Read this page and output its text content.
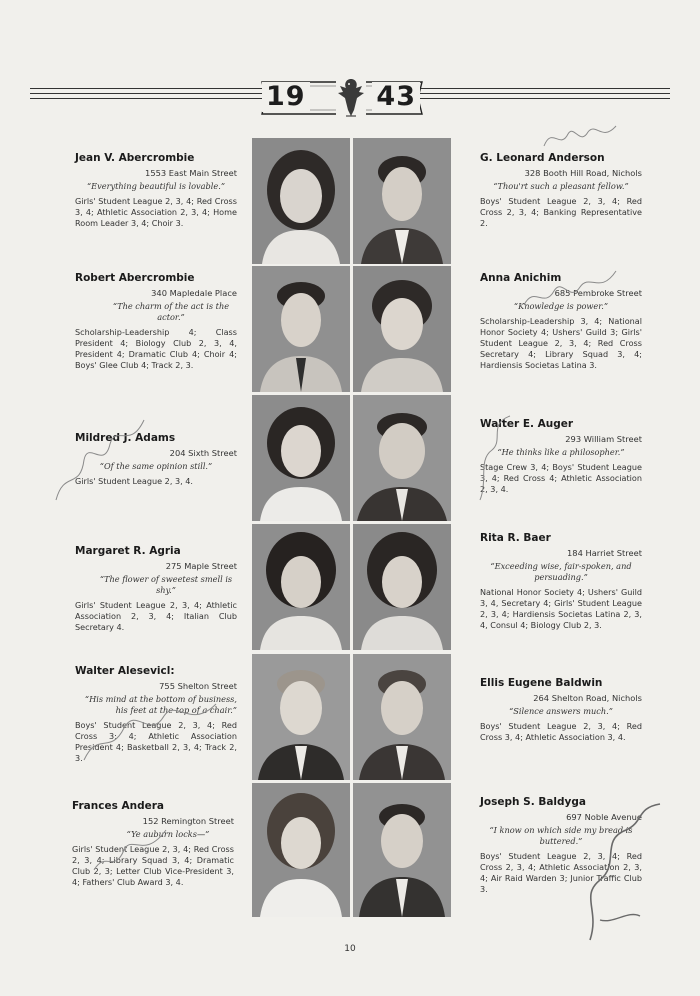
19	43
Jean V. Abercrombie
1553 East Main Street
“Everything beautiful is lovable.”
Girls' Student League 2, 3, 4; Red Cross 3, 4; Athletic Association 2, 3, 4; Home Room Leader 3, 4; Choir 3.
Robert Abercrombie
340 Mapledale Place
“The charm of the act is the actor.”
Scholarship-Leadership 4; Class President 4; Biology Club 2, 3, 4, President 4; Dramatic Club 4; Choir 4; Boys' Glee Club 4; Track 2, 3.
Mildred J. Adams
204 Sixth Street
“Of the same opinion still.”
Girls' Student League 2, 3, 4.
Margaret R. Agria
275 Maple Street
“The flower of sweetest smell is shy.”
Girls' Student League 2, 3, 4; Athletic Association 2, 3, 4; Italian Club Secretary 4.
Walter Alesevicl:
755 Shelton Street
“His mind at the bottom of business, his feet at the top of a chair.”
Boys' Student League 2, 3, 4; Red Cross 3; 4; Athletic Association President 4; Basketball 2, 3, 4; Track 2, 3.
Frances Andera
152 Remington Street
“Ye auburn locks—”
Girls' Student League 2, 3, 4; Red Cross 2, 3, 4; Library Squad 3, 4; Dramatic Club 2, 3; Letter Club Vice-President 3, 4; Fathers' Club Award 3, 4.
G. Leonard Anderson
328 Booth Hill Road, Nichols
“Thou'rt such a pleasant fellow.”
Boys' Student League 2, 3, 4; Red Cross 2, 3, 4; Banking Representative 2.
Anna Anichim
685 Pembroke Street
“Knowledge is power.”
Scholarship-Leadership 3, 4; National Honor Society 4; Ushers' Guild 3; Girls' Student League 2, 3, 4; Red Cross Secretary 4; Library Squad 3, 4; Hardiensis Societas Latina 3.
Walter E. Auger
293 William Street
“He thinks like a philosopher.”
Stage Crew 3, 4; Boys' Student League 3, 4; Red Cross 4; Athletic Association 2, 3, 4.
Rita R. Baer
184 Harriet Street
“Exceeding wise, fair-spoken, and persuading.”
National Honor Society 4; Ushers' Guild 3, 4, Secretary 4; Girls' Student League 2, 3, 4; Hardiensis Societas Latina 2, 3, 4, Consul 4; Biology Club 2, 3.
Ellis Eugene Baldwin
264 Shelton Road, Nichols
“Silence answers much.”
Boys' Student League 2, 3, 4; Red Cross 3, 4; Athletic Association 3, 4.
Joseph S. Baldyga
697 Noble Avenue
“I know on which side my bread is buttered.”
Boys' Student League 2, 3, 4; Red Cross 2, 3, 4; Athletic Association 2, 3, 4; Air Raid Warden 3; Junior Traffic Club 3.
10
